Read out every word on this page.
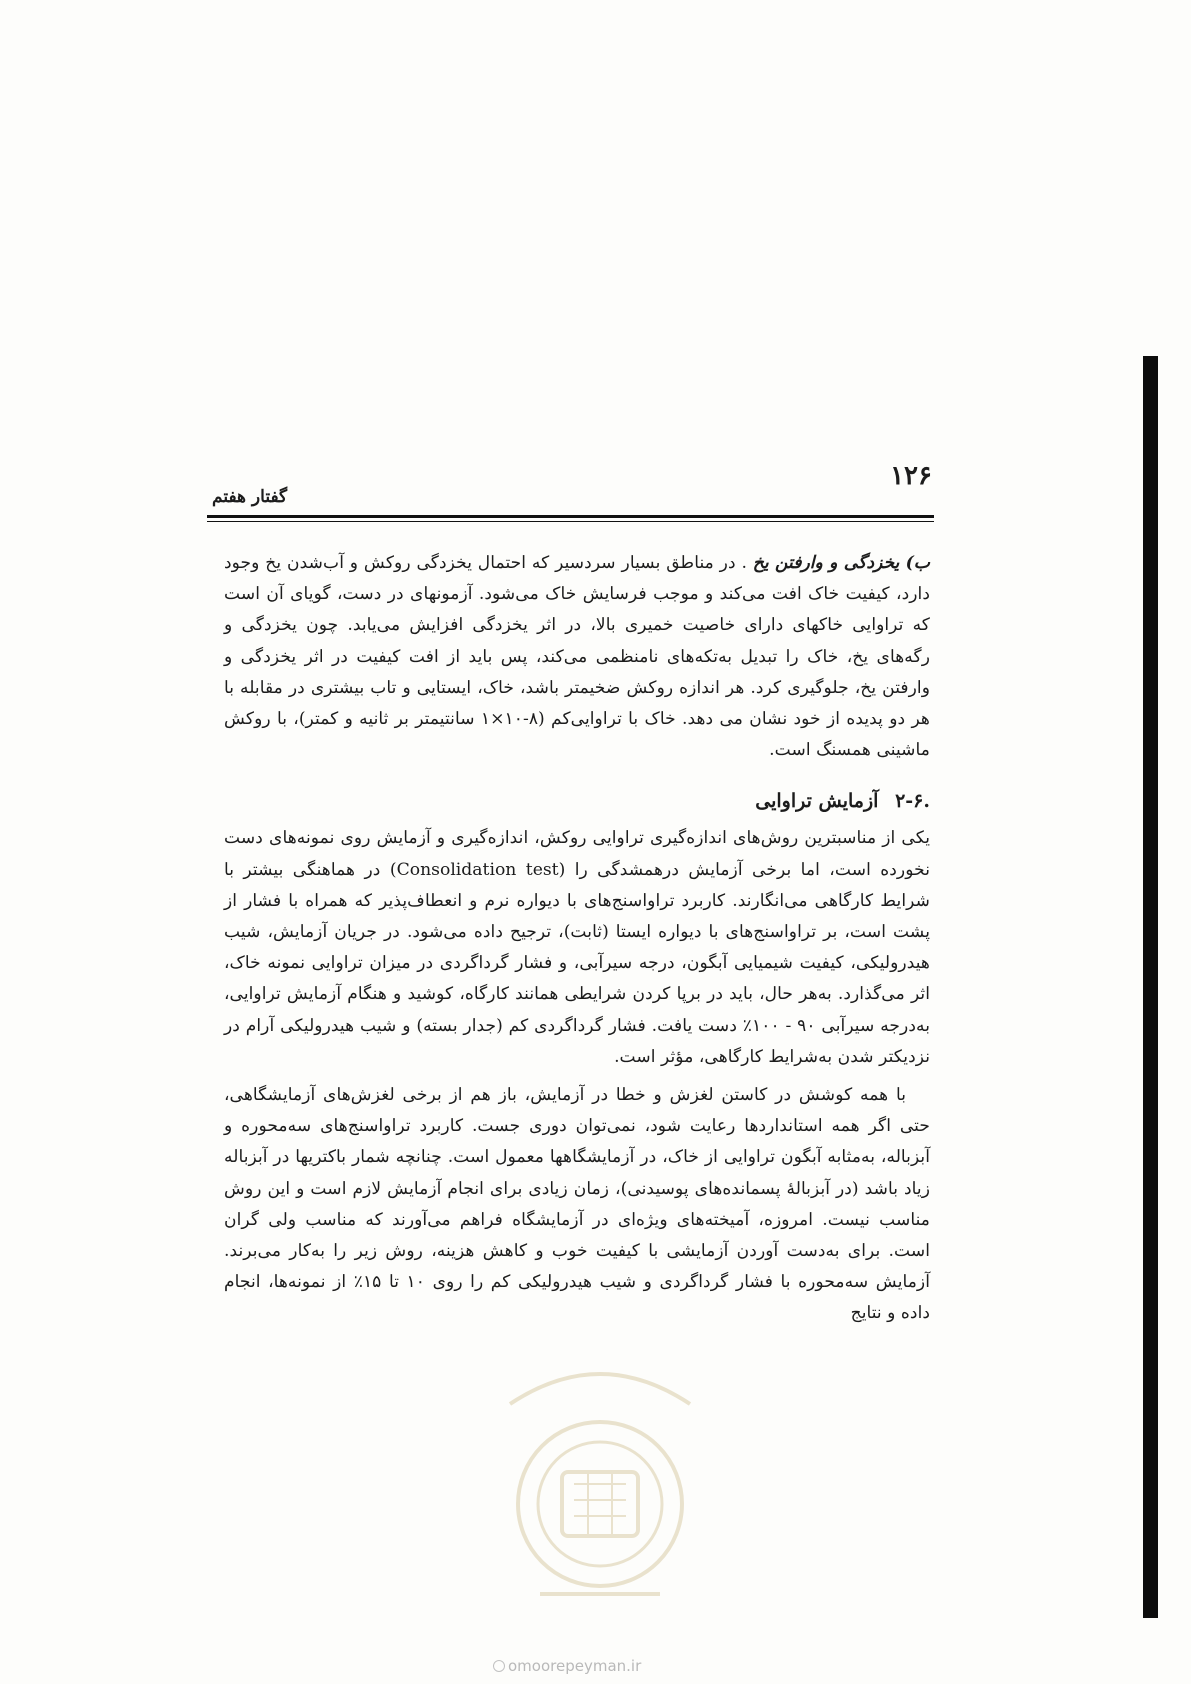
۱۲۶
گفتار هفتم

ب) یخزدگی و وارفتن یخ . در مناطق بسیار سردسیر که احتمال یخزدگی روکش و آب‌شدن یخ وجود دارد، کیفیت خاک افت می‌کند و موجب فرسایش خاک می‌شود. آزمونهای در دست، گویای آن است که تراوایی خاکهای دارای خاصیت خمیری بالا، در اثر یخزدگی افزایش می‌یابد. چون یخزدگی و رگه‌های یخ، خاک را تبدیل به‌تکه‌های نامنظمی می‌کند، پس باید از افت کیفیت در اثر یخزدگی و وارفتن یخ، جلوگیری کرد. هر اندازه روکش ضخیمتر باشد، خاک، ایستایی و تاب بیشتری در مقابله با هر دو پدیده از خود نشان می دهد. خاک با تراوایی‌کم (۸-۱۰×۱ سانتیمتر بر ثانیه و کمتر)، با روکش ماشینی همسنگ است.

۲-۶. آزمایش تراوایی

یکی از مناسبترین روش‌های اندازه‌گیری تراوایی روکش، اندازه‌گیری و آزمایش روی نمونه‌های دست نخورده است، اما برخی آزمایش درهمشدگی را (Consolidation test) در هماهنگی بیشتر با شرایط کارگاهی می‌انگارند. کاربرد تراواسنج‌های با دیواره نرم و انعطاف‌پذیر که همراه با فشار از پشت است، بر تراواسنج‌های با دیواره ایستا (ثابت)، ترجیح داده می‌شود. در جریان آزمایش، شیب هیدرولیکی، کیفیت شیمیایی آبگون، درجه سیرآبی، و فشار گرداگردی در میزان تراوایی نمونه خاک، اثر می‌گذارد. به‌هر حال، باید در برپا کردن شرایطی همانند کارگاه، کوشید و هنگام آزمایش تراوایی، به‌درجه سیرآبی ۹۰ - ۱۰۰٪ دست یافت. فشار گرداگردی کم (جدار بسته) و شیب هیدرولیکی آرام در نزدیکتر شدن به‌شرایط کارگاهی، مؤثر است.

با همه کوشش در کاستن لغزش و خطا در آزمایش، باز هم از برخی لغزش‌های آزمایشگاهی، حتی اگر همه استانداردها رعایت شود، نمی‌توان دوری جست. کاربرد تراواسنج‌های سه‌محوره و آبزباله، به‌مثابه آبگون تراوایی از خاک، در آزمایشگاهها معمول است. چنانچه شمار باکتریها در آبزباله زیاد باشد (در آبزبالهٔ پسمانده‌های پوسیدنی)، زمان زیادی برای انجام آزمایش لازم است و این روش مناسب نیست. امروزه، آمیخته‌های ویژه‌ای در آزمایشگاه فراهم می‌آورند که مناسب ولی گران است. برای به‌دست آوردن آزمایشی با کیفیت خوب و کاهش هزینه، روش زیر را به‌کار می‌برند. آزمایش سه‌محوره با فشار گرداگردی و شیب هیدرولیکی کم را روی ۱۰ تا ۱۵٪ از نمونه‌ها، انجام داده و نتایج

omoorepeyman.ir
